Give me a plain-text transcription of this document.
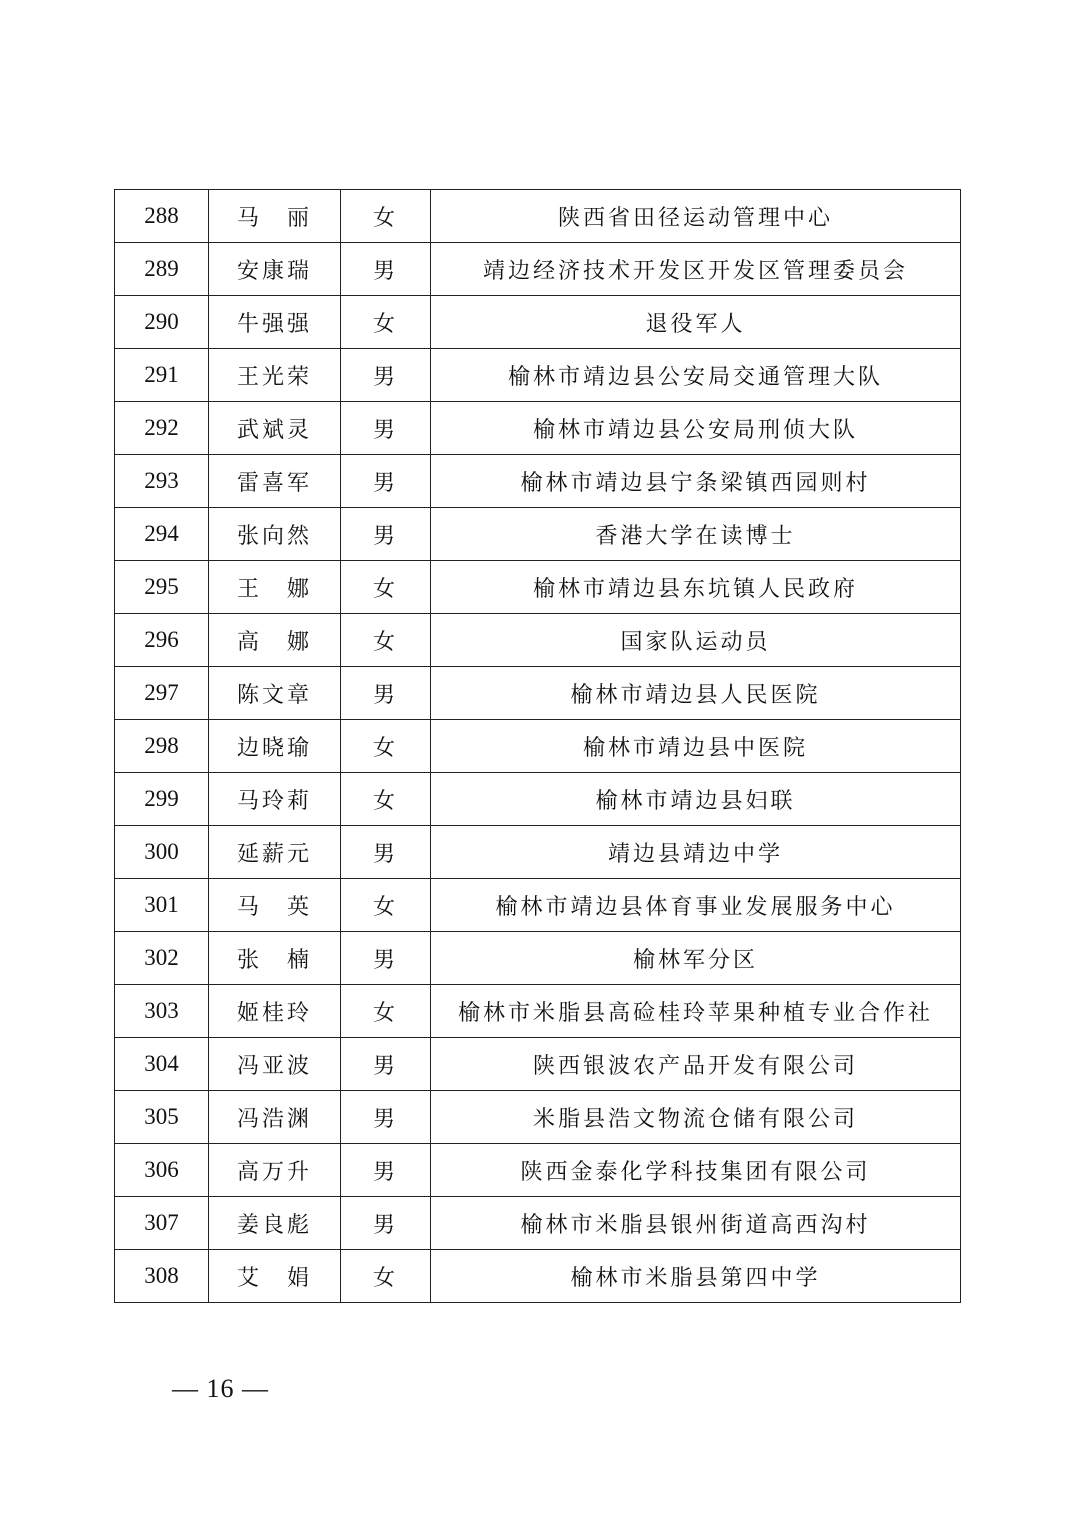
288	马　丽	女	陕西省田径运动管理中心
289	安康瑞	男	靖边经济技术开发区开发区管理委员会
290	牛强强	女	退役军人
291	王光荣	男	榆林市靖边县公安局交通管理大队
292	武斌灵	男	榆林市靖边县公安局刑侦大队
293	雷喜军	男	榆林市靖边县宁条梁镇西园则村
294	张向然	男	香港大学在读博士
295	王　娜	女	榆林市靖边县东坑镇人民政府
296	高　娜	女	国家队运动员
297	陈文章	男	榆林市靖边县人民医院
298	边晓瑜	女	榆林市靖边县中医院
299	马玲莉	女	榆林市靖边县妇联
300	延薪元	男	靖边县靖边中学
301	马　英	女	榆林市靖边县体育事业发展服务中心
302	张　楠	男	榆林军分区
303	姬桂玲	女	榆林市米脂县高硷桂玲苹果种植专业合作社
304	冯亚波	男	陕西银波农产品开发有限公司
305	冯浩渊	男	米脂县浩文物流仓储有限公司
306	高万升	男	陕西金泰化学科技集团有限公司
307	姜良彪	男	榆林市米脂县银州街道高西沟村
308	艾　娟	女	榆林市米脂县第四中学
— 16 —
